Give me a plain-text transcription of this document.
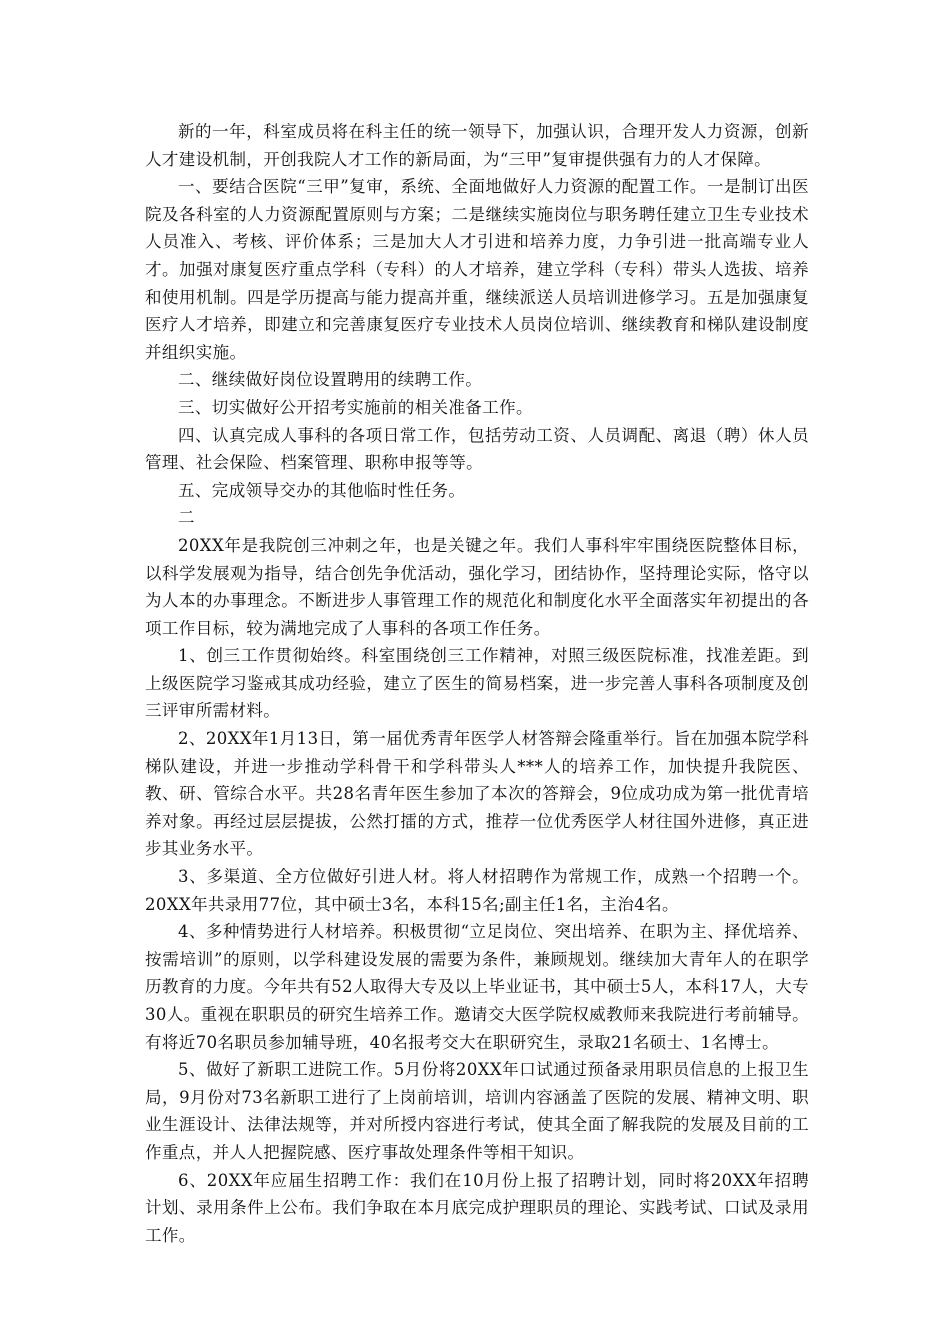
新的一年，科室成员将在科主任的统一领导下，加强认识，合理开发人力资源，创新人才建设机制，开创我院人才工作的新局面，为“三甲”复审提供强有力的人才保障。

一、要结合医院“三甲”复审，系统、全面地做好人力资源的配置工作。一是制订出医院及各科室的人力资源配置原则与方案；二是继续实施岗位与职务聘任建立卫生专业技术人员准入、考核、评价体系；三是加大人才引进和培养力度，力争引进一批高端专业人才。加强对康复医疗重点学科（专科）的人才培养，建立学科（专科）带头人选拔、培养和使用机制。四是学历提高与能力提高并重，继续派送人员培训进修学习。五是加强康复医疗人才培养，即建立和完善康复医疗专业技术人员岗位培训、继续教育和梯队建设制度并组织实施。

二、继续做好岗位设置聘用的续聘工作。

三、切实做好公开招考实施前的相关准备工作。

四、认真完成人事科的各项日常工作，包括劳动工资、人员调配、离退（聘）休人员管理、社会保险、档案管理、职称申报等等。

五、完成领导交办的其他临时性任务。

二

20XX年是我院创三冲刺之年，也是关键之年。我们人事科牢牢围绕医院整体目标，以科学发展观为指导，结合创先争优活动，强化学习，团结协作，坚持理论实际，恪守以为人本的办事理念。不断进步人事管理工作的规范化和制度化水平全面落实年初提出的各项工作目标，较为满地完成了人事科的各项工作任务。

1、创三工作贯彻始终。科室围绕创三工作精神，对照三级医院标准，找准差距。到上级医院学习鉴戒其成功经验，建立了医生的简易档案，进一步完善人事科各项制度及创三评审所需材料。

2、20XX年1月13日，第一届优秀青年医学人材答辩会隆重举行。旨在加强本院学科梯队建设，并进一步推动学科骨干和学科带头人***人的培养工作，加快提升我院医、教、研、管综合水平。共28名青年医生参加了本次的答辩会，9位成功成为第一批优青培养对象。再经过层层提拔，公然打擂的方式，推荐一位优秀医学人材往国外进修，真正进步其业务水平。

3、多渠道、全方位做好引进人材。将人材招聘作为常规工作，成熟一个招聘一个。20XX年共录用77位，其中硕士3名，本科15名;副主任1名，主治4名。

4、多种情势进行人材培养。积极贯彻“立足岗位、突出培养、在职为主、择优培养、按需培训”的原则，以学科建设发展的需要为条件，兼顾规划。继续加大青年人的在职学历教育的力度。今年共有52人取得大专及以上毕业证书，其中硕士5人，本科17人，大专30人。重视在职职员的研究生培养工作。邀请交大医学院权威教师来我院进行考前辅导。有将近70名职员参加辅导班，40名报考交大在职研究生，录取21名硕士、1名博士。

5、做好了新职工进院工作。5月份将20XX年口试通过预备录用职员信息的上报卫生局，9月份对73名新职工进行了上岗前培训，培训内容涵盖了医院的发展、精神文明、职业生涯设计、法律法规等，并对所授内容进行考试，使其全面了解我院的发展及目前的工作重点，并人人把握院感、医疗事故处理条件等相干知识。

6、20XX年应届生招聘工作：我们在10月份上报了招聘计划，同时将20XX年招聘计划、录用条件上公布。我们争取在本月底完成护理职员的理论、实践考试、口试及录用工作。
